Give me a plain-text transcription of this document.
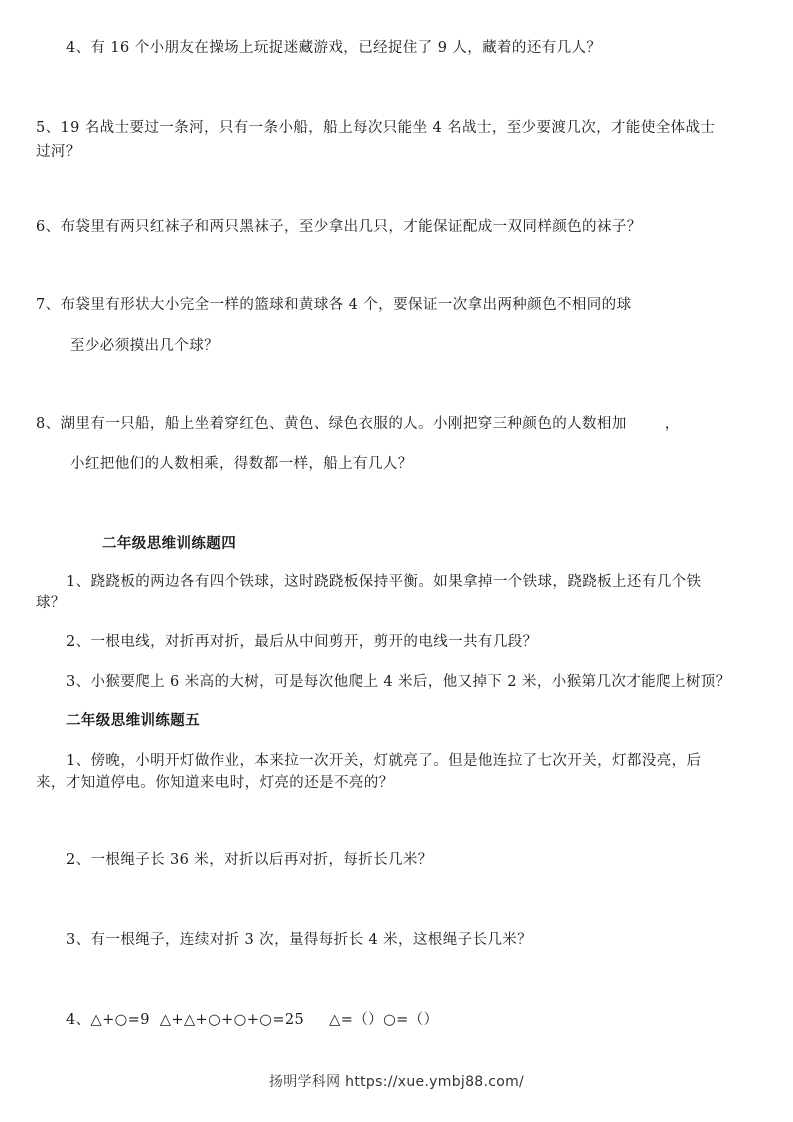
4、有 16 个小朋友在操场上玩捉迷藏游戏，已经捉住了 9 人，藏着的还有几人？
5、19 名战士要过一条河，只有一条小船，船上每次只能坐 4 名战士，至少要渡几次，才能使全体战士
过河？
6、布袋里有两只红袜子和两只黑袜子，至少拿出几只，才能保证配成一双同样颜色的袜子？
7、布袋里有形状大小完全一样的篮球和黄球各 4 个，要保证一次拿出两种颜色不相同的球
至少必须摸出几个球？
8、湖里有一只船，船上坐着穿红色、黄色、绿色衣服的人。小刚把穿三种颜色的人数相加	，
小红把他们的人数相乘，得数都一样，船上有几人？
二年级思维训练题四
1、跷跷板的两边各有四个铁球，这时跷跷板保持平衡。如果拿掉一个铁球，跷跷板上还有几个铁
球？
2、一根电线，对折再对折，最后从中间剪开，剪开的电线一共有几段？
3、小猴要爬上 6 米高的大树，可是每次他爬上 4 米后，他又掉下 2 米，小猴第几次才能爬上树顶？
二年级思维训练题五
1、傍晚，小明开灯做作业，本来拉一次开关，灯就亮了。但是他连拉了七次开关，灯都没亮，后
来，才知道停电。你知道来电时，灯亮的还是不亮的？
2、一根绳子长 36 米，对折以后再对折，每折长几米？
3、有一根绳子，连续对折 3 次，量得每折长 4 米，这根绳子长几米？
4、△+○=9  △+△+○+○+○=25     △=（）○=（）
扬明学科网 https://xue.ymbj88.com/
